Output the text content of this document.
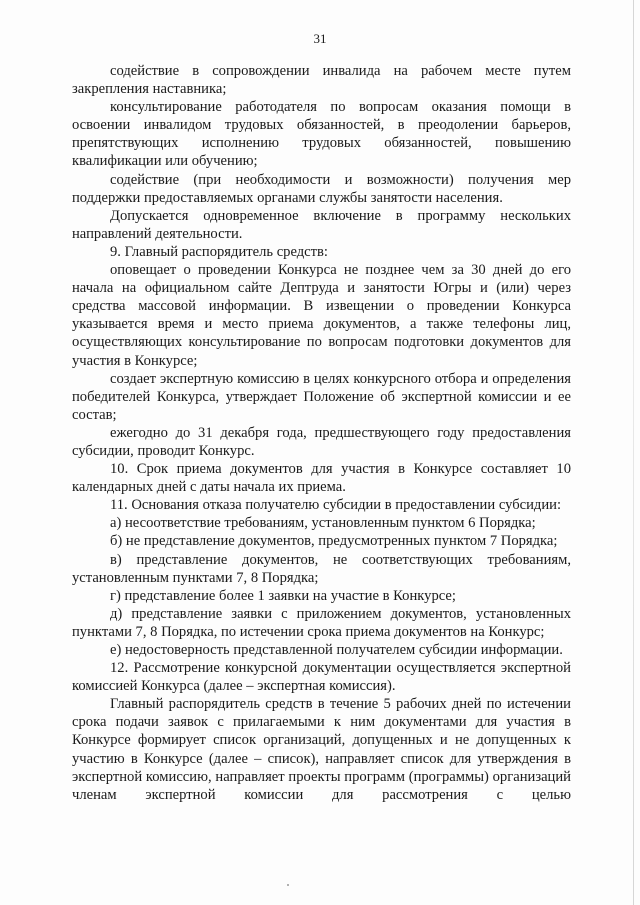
31

содействие в сопровождении инвалида на рабочем месте путем закрепления наставника;

консультирование работодателя по вопросам оказания помощи в освоении инвалидом трудовых обязанностей, в преодолении барьеров, препятствующих исполнению трудовых обязанностей, повышению квалификации или обучению;

содействие (при необходимости и возможности) получения мер поддержки предоставляемых органами службы занятости населения.

Допускается одновременное включение в программу нескольких направлений деятельности.

9. Главный распорядитель средств:

оповещает о проведении Конкурса не позднее чем за 30 дней до его начала на официальном сайте Дептруда и занятости Югры и (или) через средства массовой информации. В извещении о проведении Конкурса указывается время и место приема документов, а также телефоны лиц, осуществляющих консультирование по вопросам подготовки документов для участия в Конкурсе;

создает экспертную комиссию в целях конкурсного отбора и определения победителей Конкурса, утверждает Положение об экспертной комиссии и ее состав;

ежегодно до 31 декабря года, предшествующего году предоставления субсидии, проводит Конкурс.

10. Срок приема документов для участия в Конкурсе составляет 10 календарных дней с даты начала их приема.

11. Основания отказа получателю субсидии в предоставлении субсидии:

а) несоответствие требованиям, установленным пунктом 6 Порядка;

б) не представление документов, предусмотренных пунктом 7 Порядка;

в) представление документов, не соответствующих требованиям, установленным пунктами 7, 8 Порядка;

г) представление более 1 заявки на участие в Конкурсе;

д) представление заявки с приложением документов, установленных пунктами 7, 8 Порядка, по истечении срока приема документов на Конкурс;

е) недостоверность представленной получателем субсидии информации.

12. Рассмотрение конкурсной документации осуществляется экспертной комиссией Конкурса (далее – экспертная комиссия).

Главный распорядитель средств в течение 5 рабочих дней по истечении срока подачи заявок с прилагаемыми к ним документами для участия в Конкурсе формирует список организаций, допущенных и не допущенных к участию в Конкурсе (далее – список), направляет список для утверждения в экспертной комиссию, направляет проекты программ (программы) организаций членам экспертной комиссии для рассмотрения с целью
